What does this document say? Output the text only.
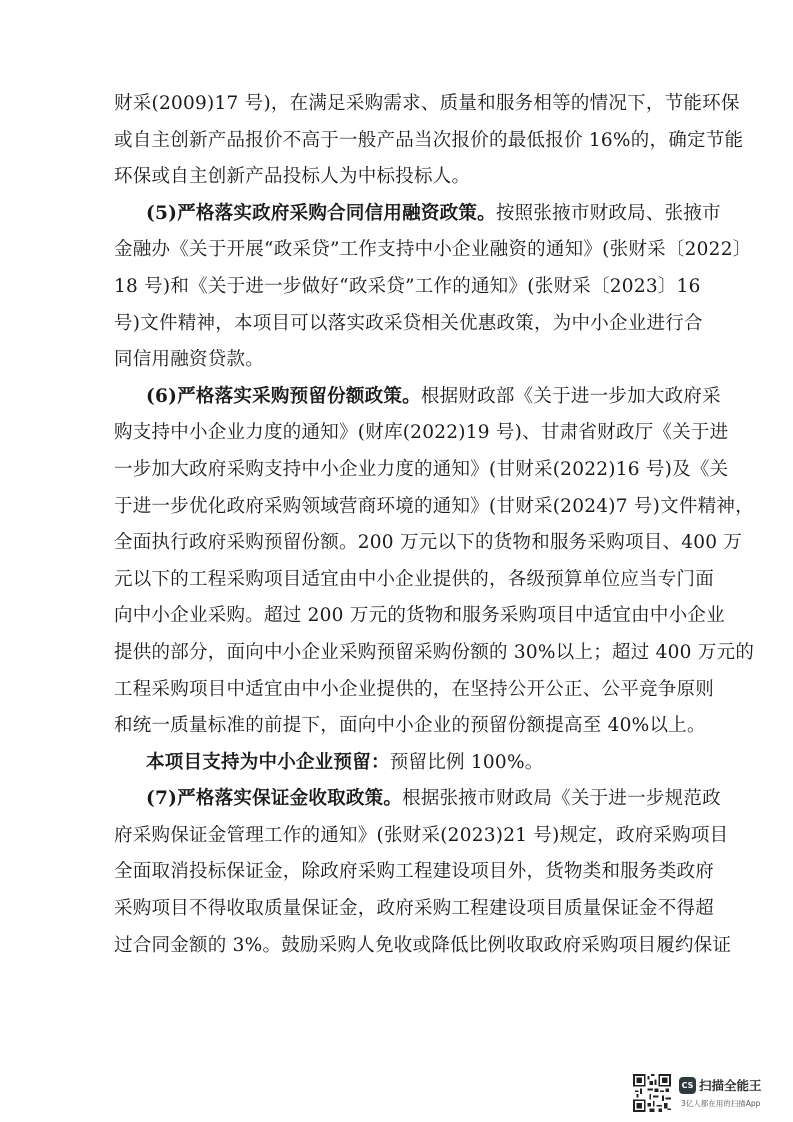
财采(2009)17 号)，在满足采购需求、质量和服务相等的情况下，节能环保
或自主创新产品报价不高于一般产品当次报价的最低报价 16%的，确定节能
环保或自主创新产品投标人为中标投标人。
(5)严格落实政府采购合同信用融资政策。按照张掖市财政局、张掖市
金融办《关于开展“政采贷”工作支持中小企业融资的通知》(张财采〔2022〕
18 号)和《关于进一步做好“政采贷”工作的通知》(张财采〔2023〕16
号)文件精神，本项目可以落实政采贷相关优惠政策，为中小企业进行合
同信用融资贷款。
(6)严格落实采购预留份额政策。根据财政部《关于进一步加大政府采
购支持中小企业力度的通知》(财库(2022)19 号)、甘肃省财政厅《关于进
一步加大政府采购支持中小企业力度的通知》(甘财采(2022)16 号)及《关
于进一步优化政府采购领域营商环境的通知》(甘财采(2024)7 号)文件精神，
全面执行政府采购预留份额。200 万元以下的货物和服务采购项目、400 万
元以下的工程采购项目适宜由中小企业提供的，各级预算单位应当专门面
向中小企业采购。超过 200 万元的货物和服务采购项目中适宜由中小企业
提供的部分，面向中小企业采购预留采购份额的 30%以上；超过 400 万元的
工程采购项目中适宜由中小企业提供的，在坚持公开公正、公平竞争原则
和统一质量标准的前提下，面向中小企业的预留份额提高至 40%以上。
本项目支持为中小企业预留：预留比例 100%。
(7)严格落实保证金收取政策。根据张掖市财政局《关于进一步规范政
府采购保证金管理工作的通知》(张财采(2023)21 号)规定，政府采购项目
全面取消投标保证金，除政府采购工程建设项目外，货物类和服务类政府
采购项目不得收取质量保证金，政府采购工程建设项目质量保证金不得超
过合同金额的 3%。鼓励采购人免收或降低比例收取政府采购项目履约保证
CS 扫描全能王
3亿人都在用的扫描App
